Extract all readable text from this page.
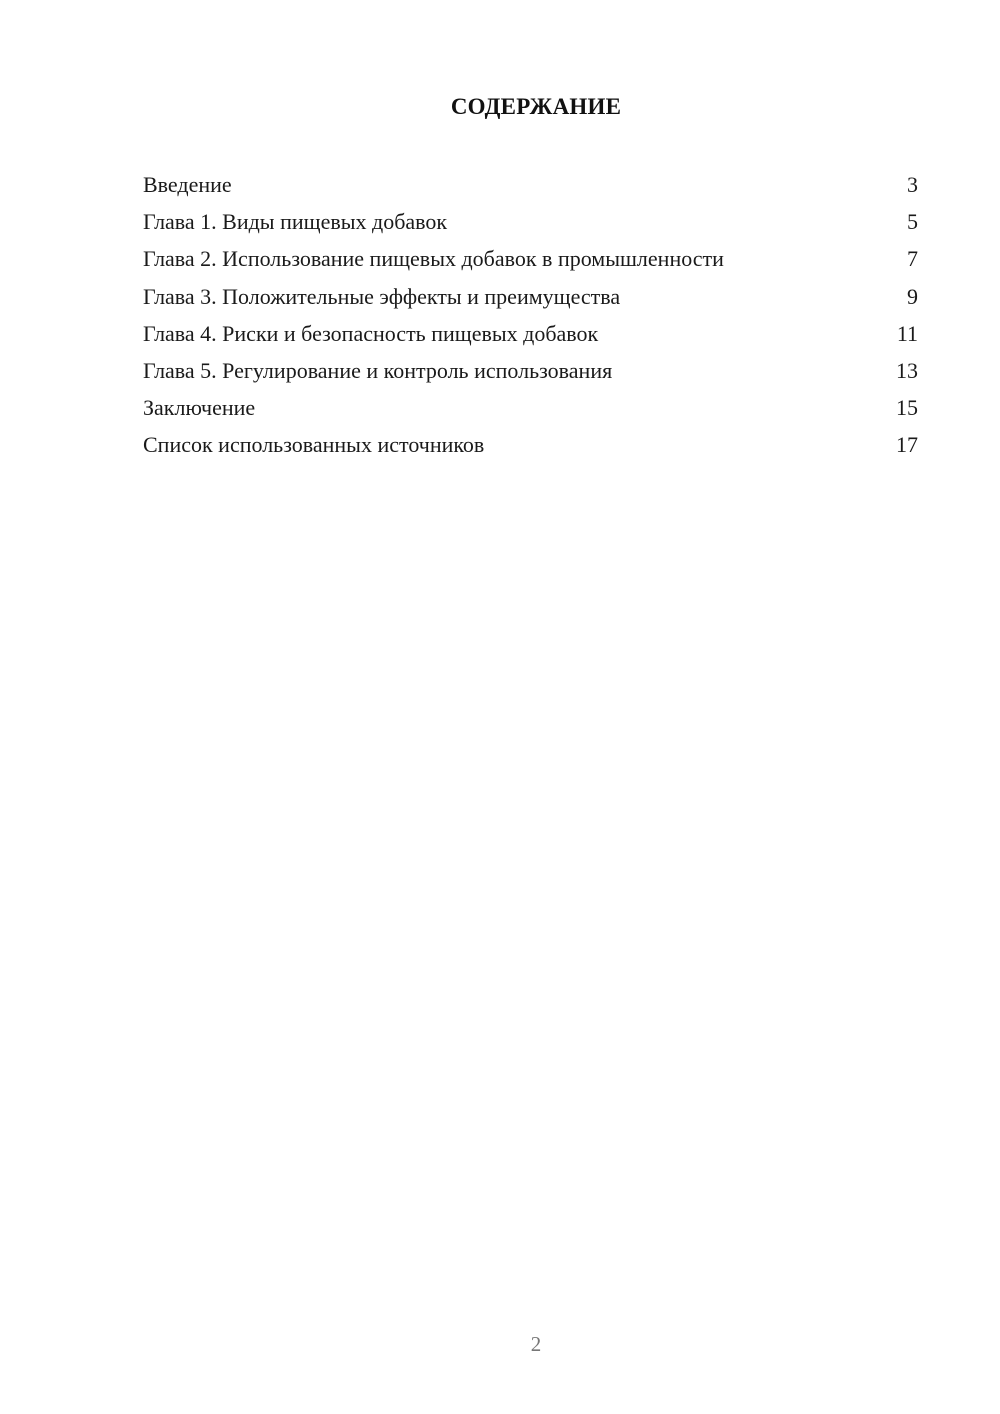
СОДЕРЖАНИЕ
Введение	3
Глава 1. Виды пищевых добавок	5
Глава 2. Использование пищевых добавок в промышленности	7
Глава 3. Положительные эффекты и преимущества	9
Глава 4. Риски и безопасность пищевых добавок	11
Глава 5. Регулирование и контроль использования	13
Заключение	15
Список использованных источников	17
2
